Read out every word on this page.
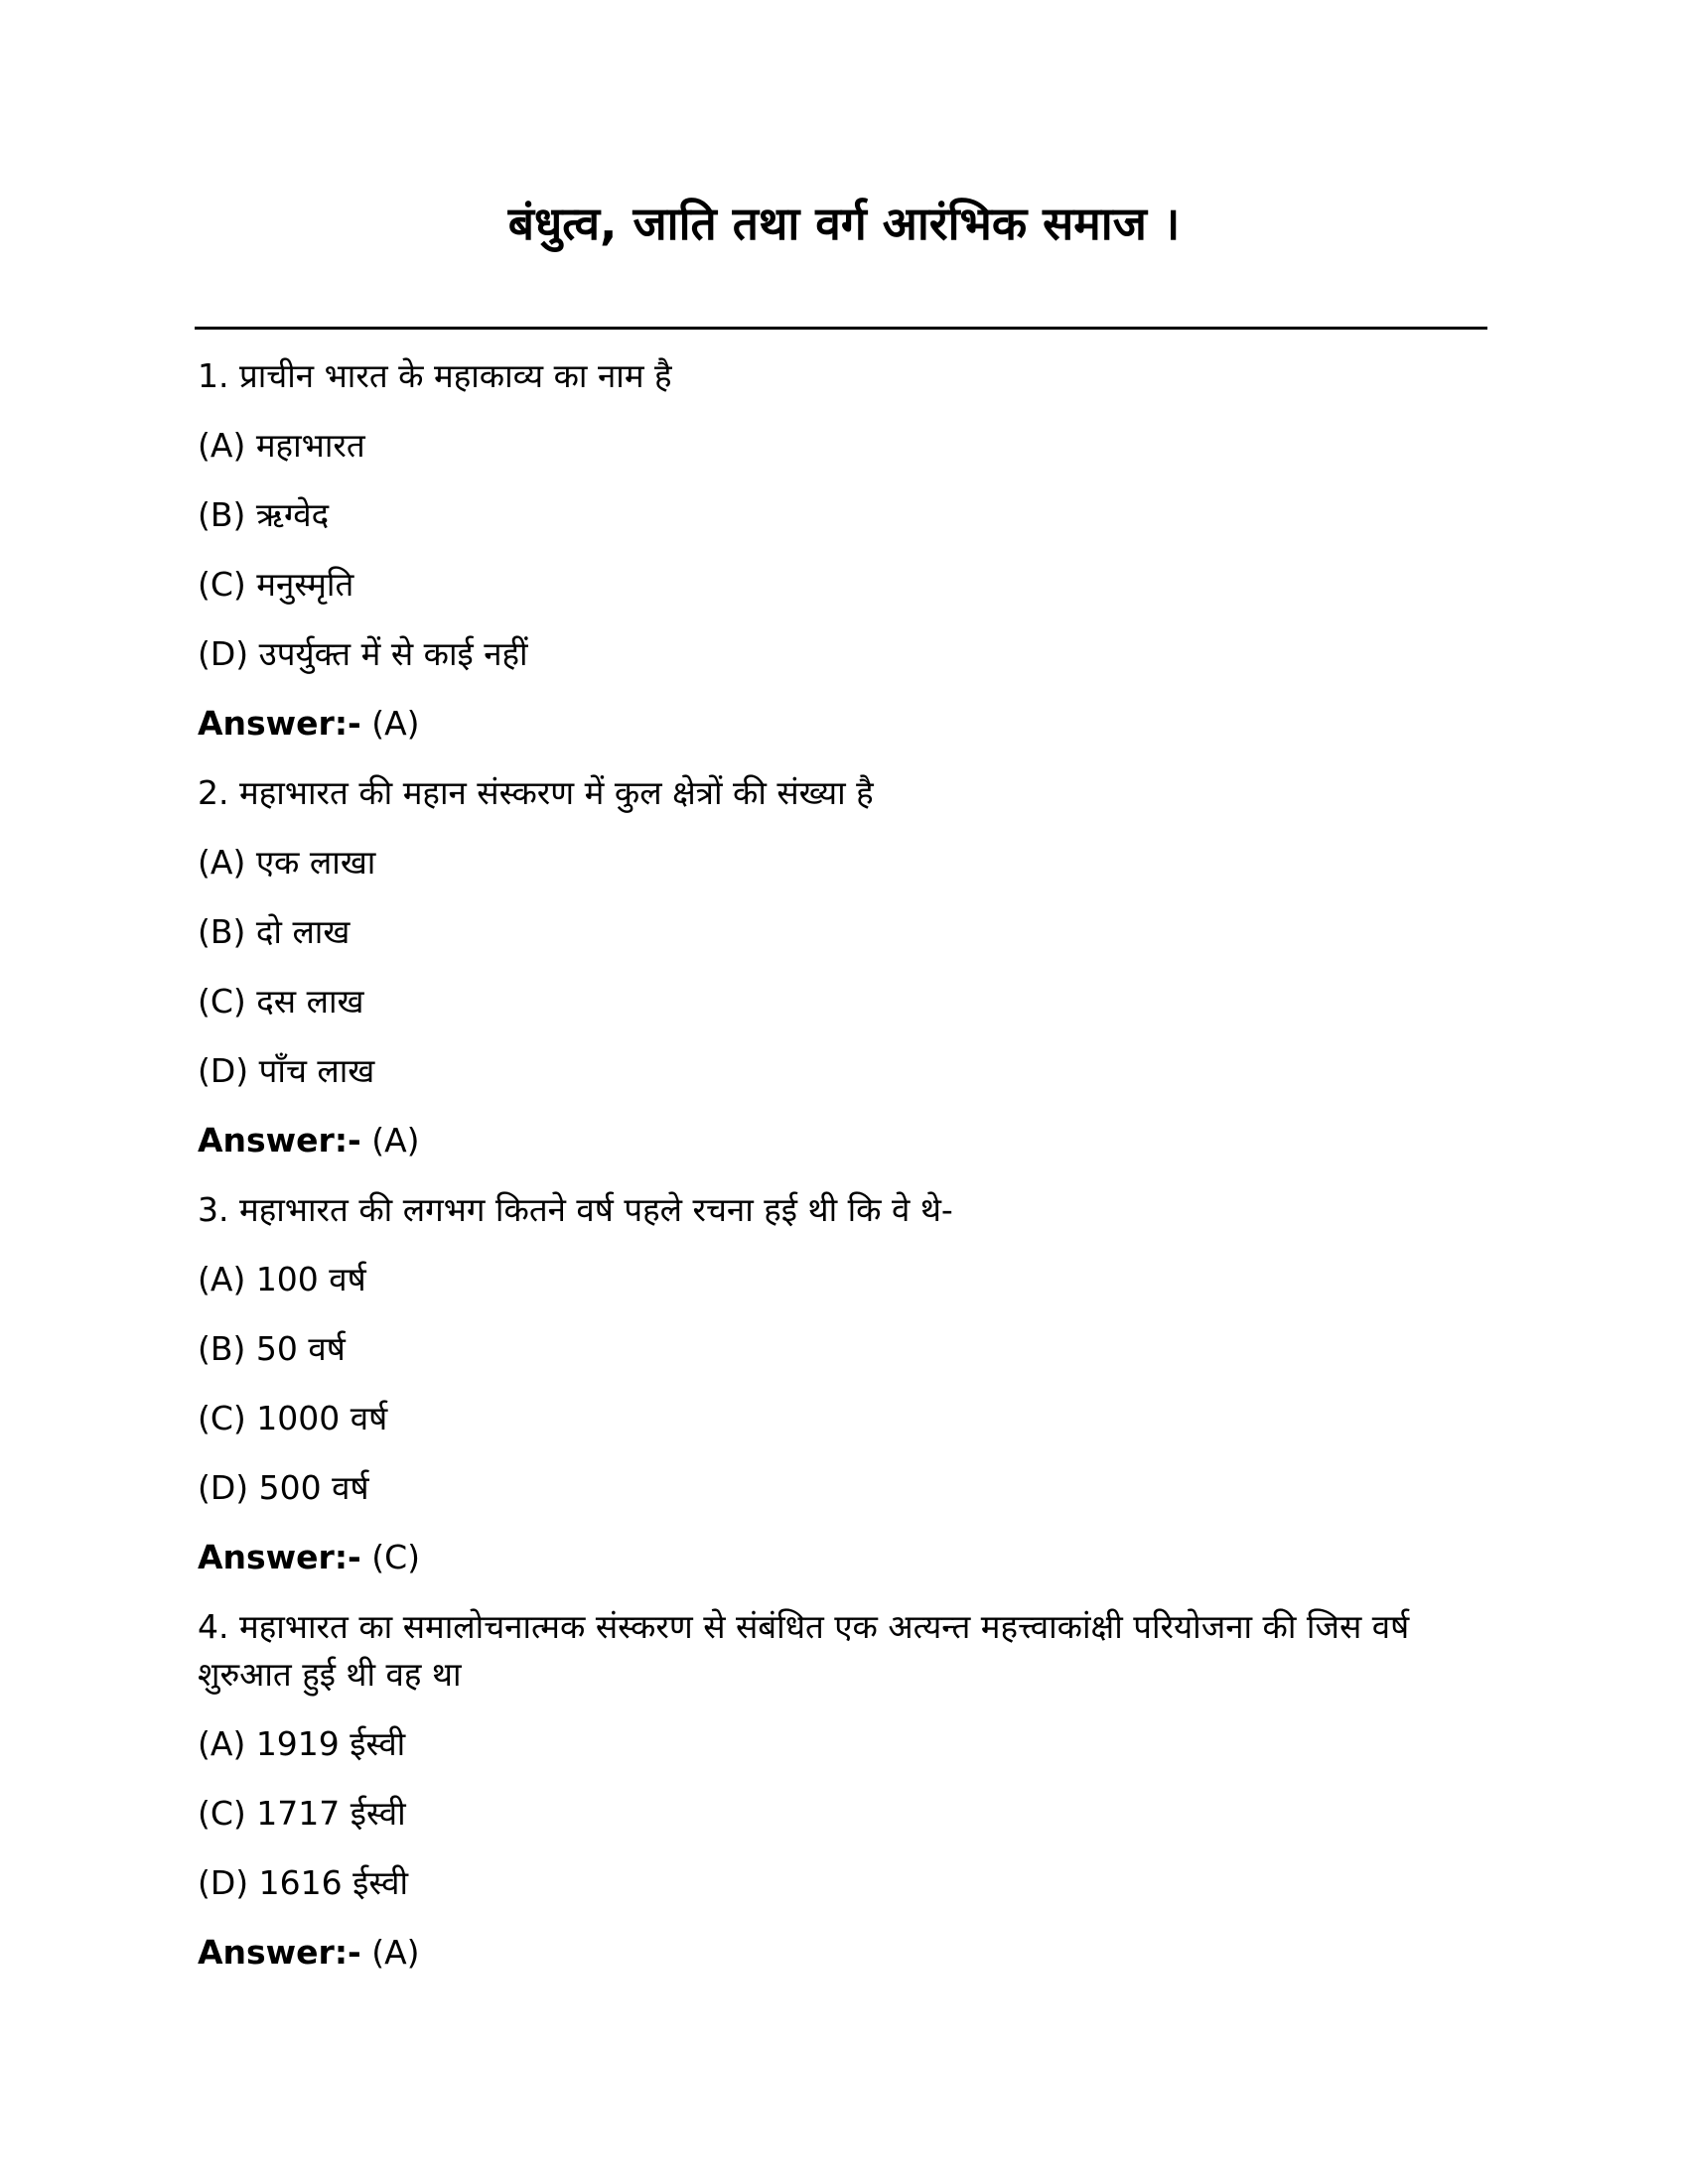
बंधुत्व, जाति तथा वर्ग आरंभिक समाज ।
1. प्राचीन भारत के महाकाव्य का नाम है
(A) महाभारत
(B) ऋग्वेद
(C) मनुस्मृति
(D) उपर्युक्त में से काई नहीं
Answer:- (A)
2. महाभारत की महान संस्करण में कुल क्षेत्रों की संख्या है
(A) एक लाखा
(B) दो लाख
(C) दस लाख
(D) पाँच लाख
Answer:- (A)
3. महाभारत की लगभग कितने वर्ष पहले रचना हई थी कि वे थे-
(A) 100 वर्ष
(B) 50 वर्ष
(C) 1000 वर्ष
(D) 500 वर्ष
Answer:- (C)
4. महाभारत का समालोचनात्मक संस्करण से संबंधित एक अत्यन्त महत्त्वाकांक्षी परियोजना की जिस वर्ष शुरुआत हुई थी वह था
(A) 1919 ईस्वी
(C) 1717 ईस्वी
(D) 1616 ईस्वी
Answer:- (A)
